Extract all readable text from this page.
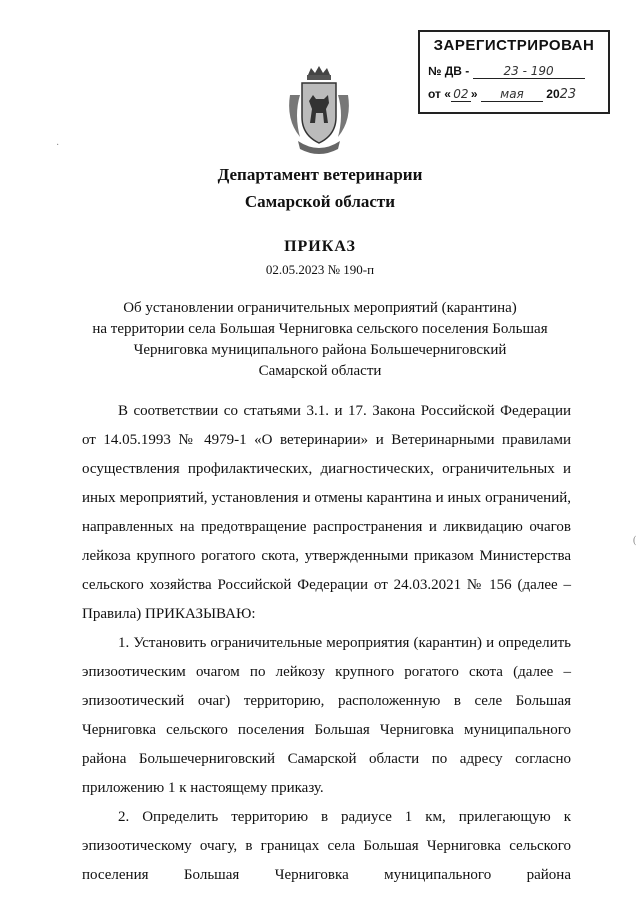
ЗАРЕГИСТРИРОВАН
№ ДВ -	23 - 190
от « 02 » мая 2023
Департамент ветеринарии
Самарской области
ПРИКАЗ
02.05.2023 № 190-п
Об установлении ограничительных мероприятий (карантина)
на территории села Большая Черниговка сельского поселения Большая
Черниговка муниципального района Большечерниговский
Самарской области

В соответствии со статьями 3.1. и 17. Закона Российской Федерации от 14.05.1993 № 4979-1 «О ветеринарии» и Ветеринарными правилами осуществления профилактических, диагностических, ограничительных и иных мероприятий, установления и отмены карантина и иных ограничений, направленных на предотвращение распространения и ликвидацию очагов лейкоза крупного рогатого скота, утвержденными приказом Министерства сельского хозяйства Российской Федерации от 24.03.2021 № 156 (далее – Правила) ПРИКАЗЫВАЮ:

1. Установить ограничительные мероприятия (карантин) и определить эпизоотическим очагом по лейкозу крупного рогатого скота (далее – эпизоотический очаг) территорию, расположенную в селе Большая Черниговка сельского поселения Большая Черниговка муниципального района Большечерниговский Самарской области по адресу согласно приложению 1 к настоящему приказу.

2. Определить территорию в радиусе 1 км, прилегающую к эпизоотическому очагу, в границах села Большая Черниговка сельского поселения Большая Черниговка муниципального района

·
(
